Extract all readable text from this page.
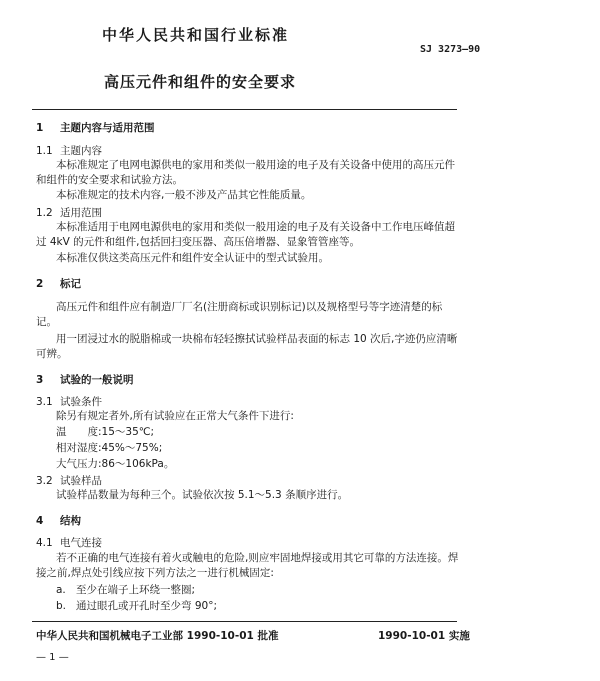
中华人民共和国行业标准
SJ 3273—90
高压元件和组件的安全要求
1 主题内容与适用范围
1.1 主题内容
本标准规定了电网电源供电的家用和类似一般用途的电子及有关设备中使用的高压元件
和组件的安全要求和试验方法。
本标准规定的技术内容,一般不涉及产品其它性能质量。
1.2 适用范围
本标准适用于电网电源供电的家用和类似一般用途的电子及有关设备中工作电压峰值超
过 4kV 的元件和组件,包括回扫变压器、高压倍增器、显象管管座等。
本标准仅供这类高压元件和组件安全认证中的型式试验用。
2 标记
高压元件和组件应有制造厂厂名(注册商标或识别标记)以及规格型号等字迹清楚的标
记。
用一团浸过水的脱脂棉或一块棉布轻轻擦拭试验样品表面的标志 10 次后,字迹仍应清晰
可辨。
3 试验的一般说明
3.1 试验条件
除另有规定者外,所有试验应在正常大气条件下进行:
温　　度:15～35℃;
相对湿度:45%～75%;
大气压力:86～106kPa。
3.2 试验样品
试验样品数量为每种三个。试验依次按 5.1～5.3 条顺序进行。
4 结构
4.1 电气连接
若不正确的电气连接有着火或触电的危险,则应牢固地焊接或用其它可靠的方法连接。焊
接之前,焊点处引线应按下列方法之一进行机械固定:
a. 至少在端子上环绕一整圈;
b. 通过眼孔或开孔时至少弯 90°;
中华人民共和国机械电子工业部 1990-10-01 批准	1990-10-01 实施
— 1 —
